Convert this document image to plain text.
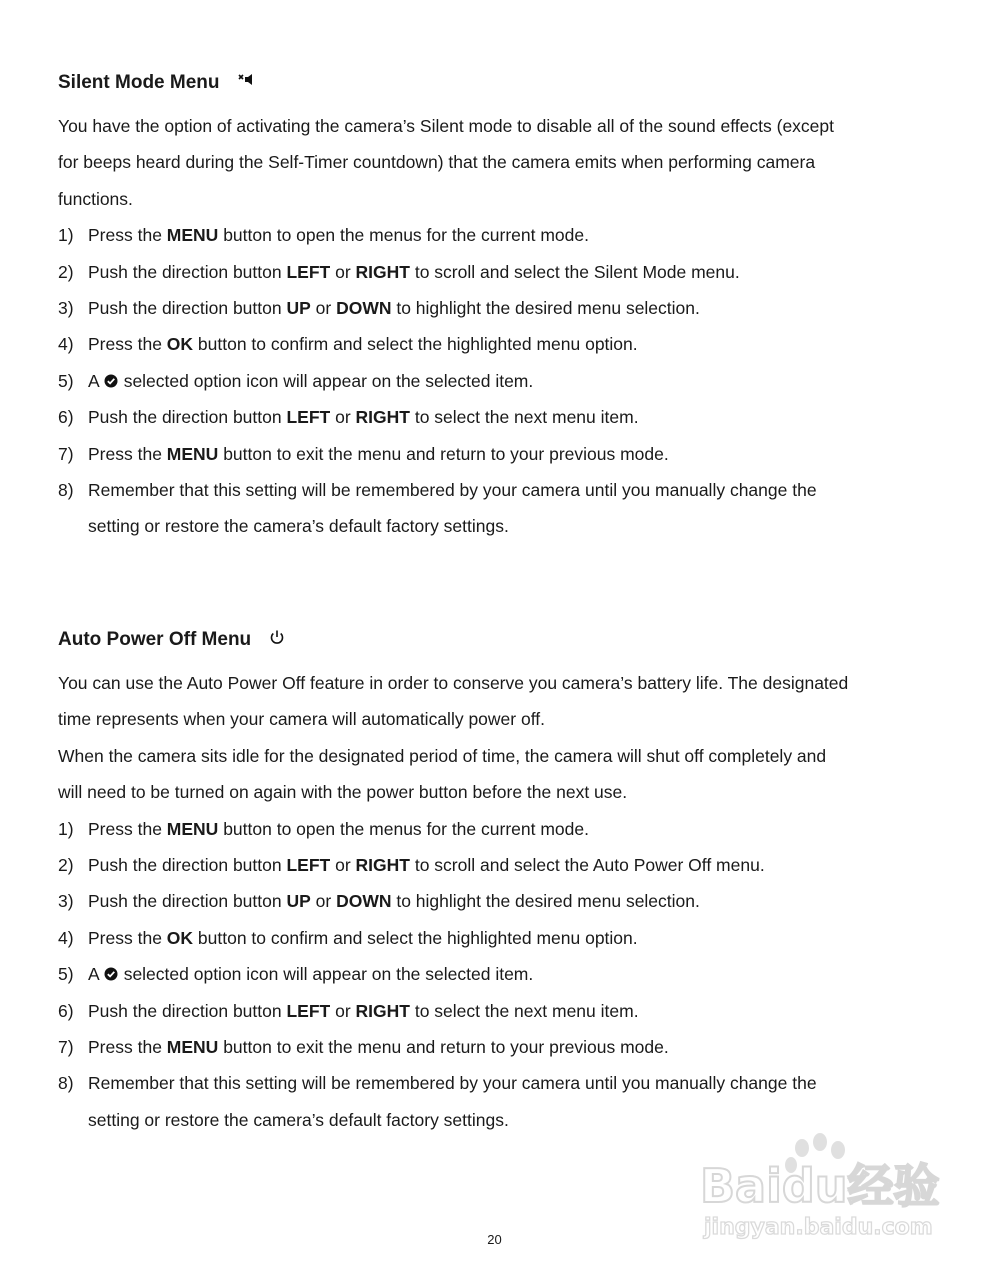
Silent Mode Menu

You have the option of activating the camera’s Silent mode to disable all of the sound effects (except

for beeps heard during the Self-Timer countdown) that the camera emits when performing camera

functions.

1) Press the MENU button to open the menus for the current mode.
2) Push the direction button LEFT or RIGHT to scroll and select the Silent Mode menu.
3) Push the direction button UP or DOWN to highlight the desired menu selection.
4) Press the OK button to confirm and select the highlighted menu option.
5) A selected option icon will appear on the selected item.
6) Push the direction button LEFT or RIGHT to select the next menu item.
7) Press the MENU button to exit the menu and return to your previous mode.
8) Remember that this setting will be remembered by your camera until you manually change the
setting or restore the camera’s default factory settings.
Auto Power Off Menu

You can use the Auto Power Off feature in order to conserve you camera’s battery life. The designated

time represents when your camera will automatically power off.

When the camera sits idle for the designated period of time, the camera will shut off completely and

will need to be turned on again with the power button before the next use.

1) Press the MENU button to open the menus for the current mode.
2) Push the direction button LEFT or RIGHT to scroll and select the Auto Power Off menu.
3) Push the direction button UP or DOWN to highlight the desired menu selection.
4) Press the OK button to confirm and select the highlighted menu option.
5) A selected option icon will appear on the selected item.
6) Push the direction button LEFT or RIGHT to select the next menu item.
7) Press the MENU button to exit the menu and return to your previous mode.
8) Remember that this setting will be remembered by your camera until you manually change the
setting or restore the camera’s default factory settings.
Baidu经验
jingyan.baidu.com
20
